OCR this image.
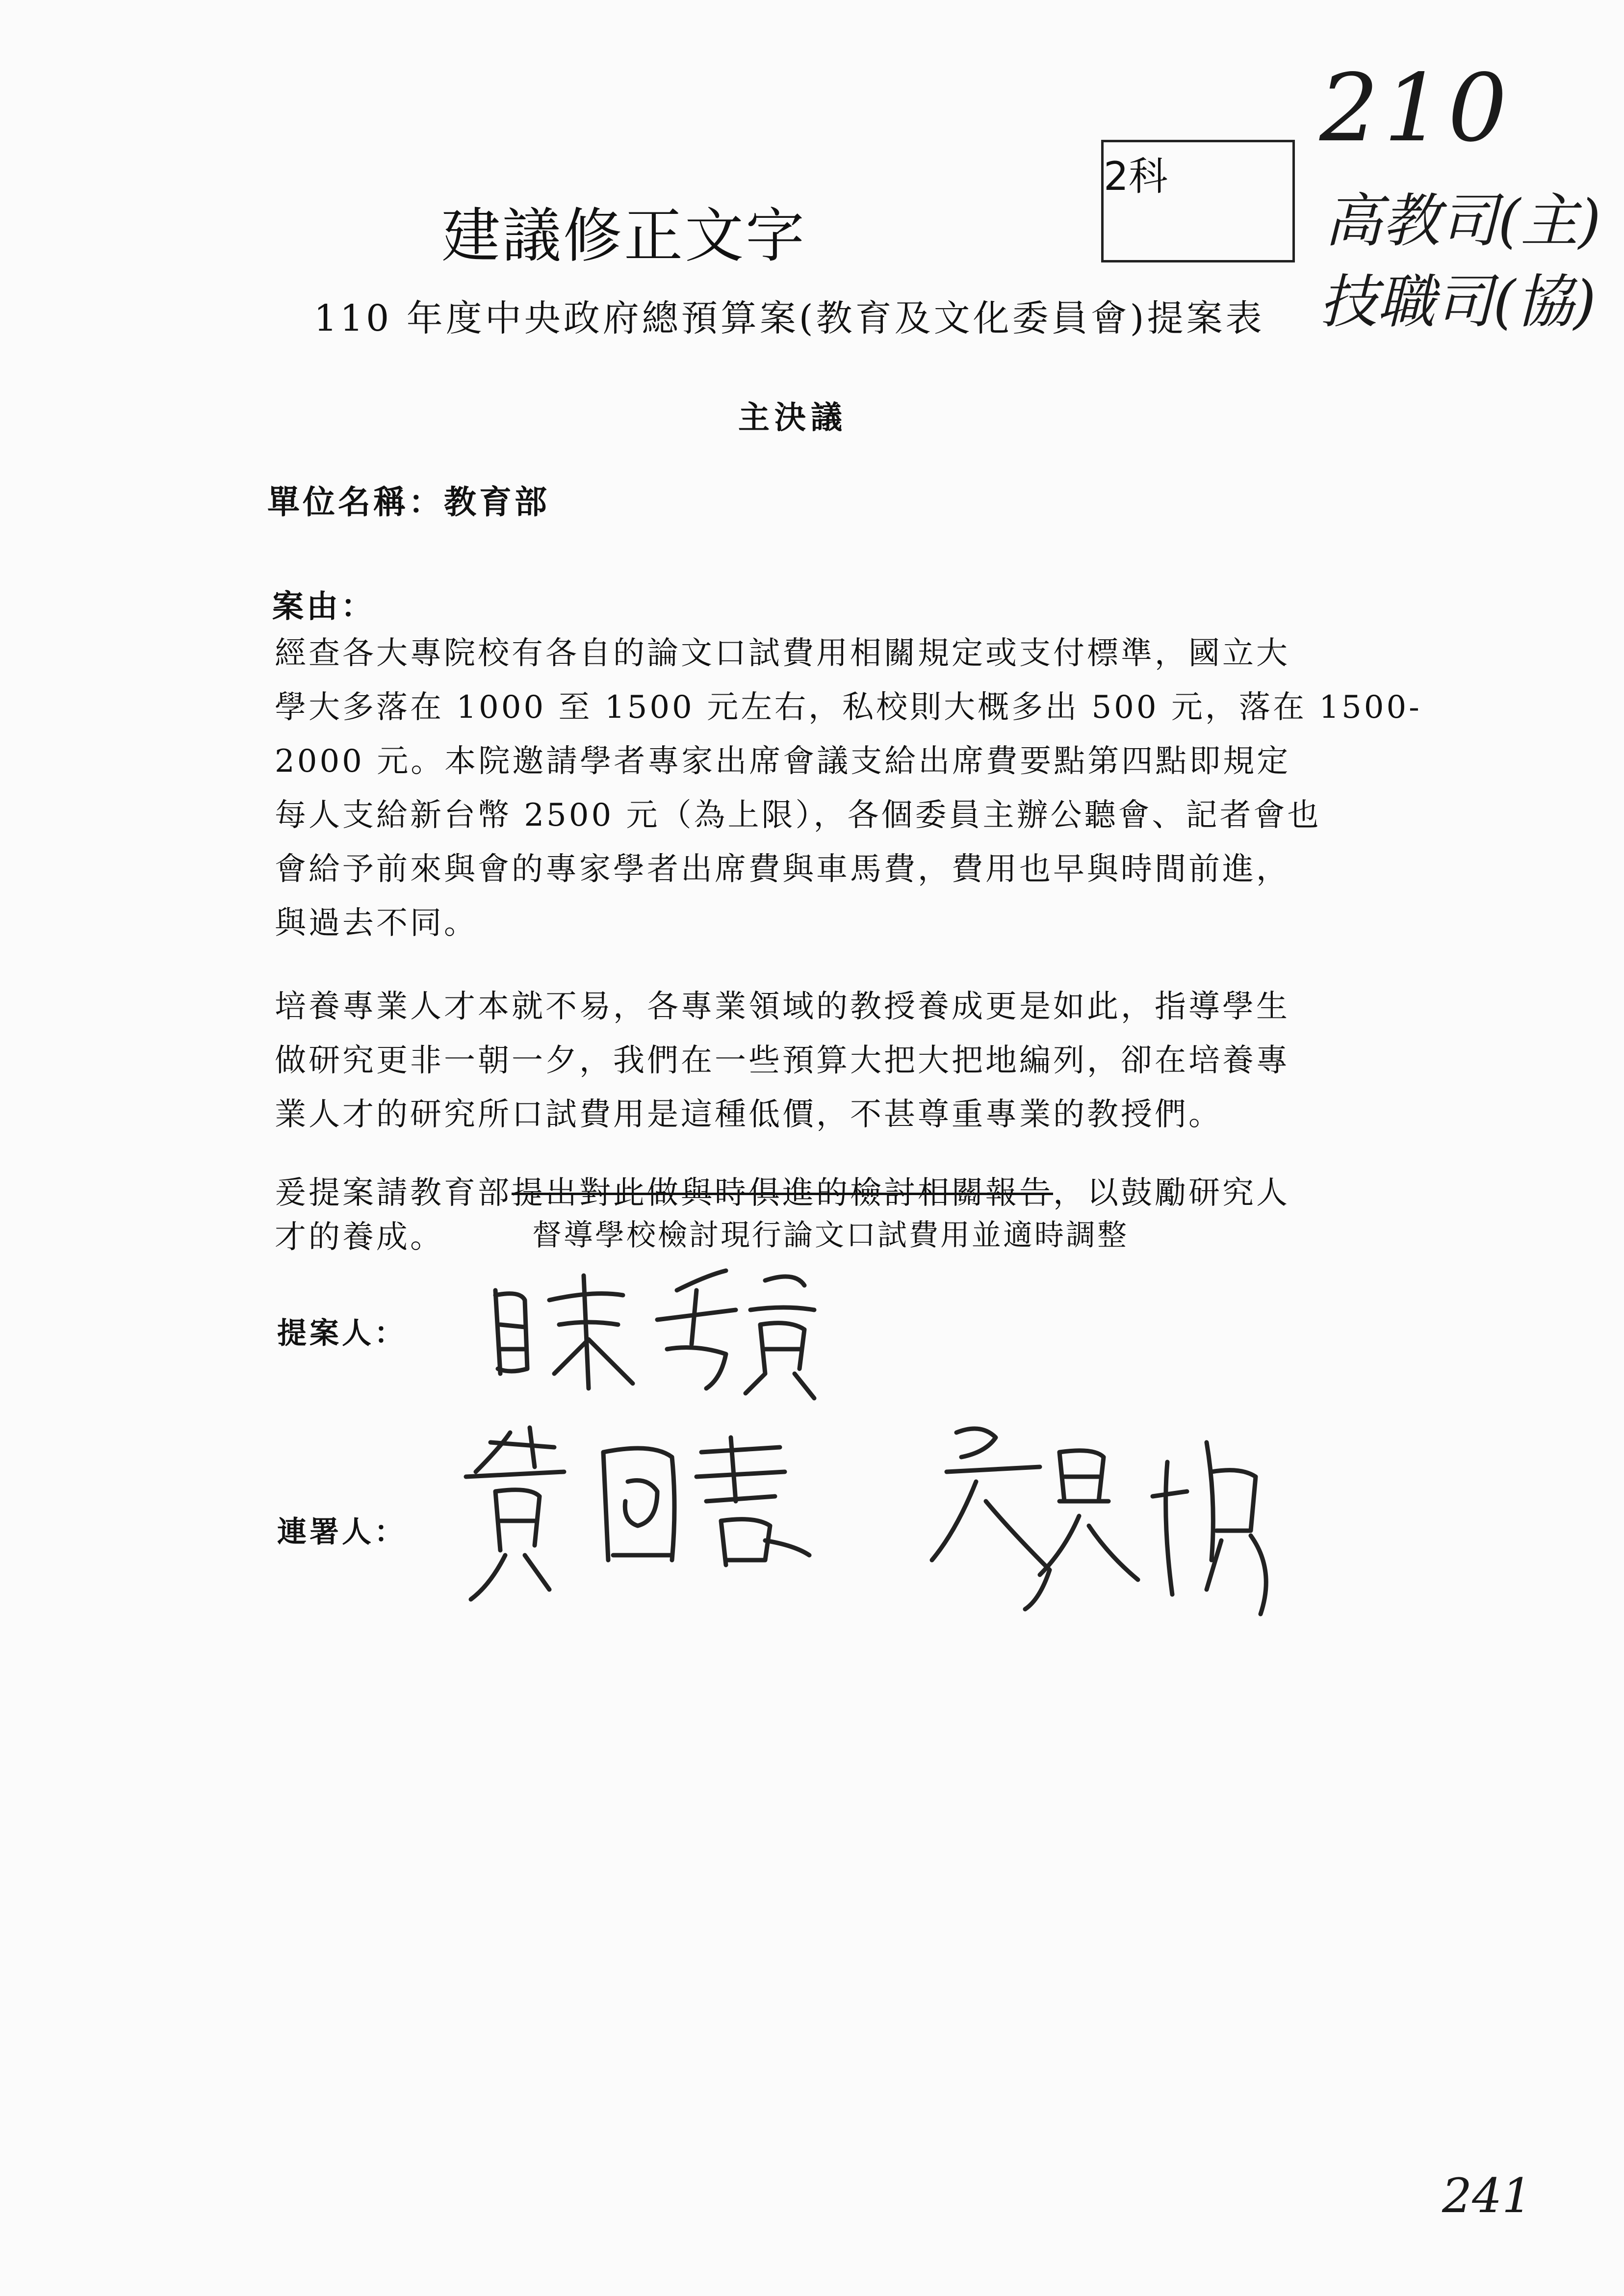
210
高教司(主)
技職司(協)
建議修正文字
2科
110 年度中央政府總預算案(教育及文化委員會)提案表
主決議
單位名稱：教育部
案由：
經查各大專院校有各自的論文口試費用相關規定或支付標準，國立大
學大多落在 1000 至 1500 元左右，私校則大概多出 500 元，落在 1500-
2000 元。本院邀請學者專家出席會議支給出席費要點第四點即規定
每人支給新台幣 2500 元（為上限），各個委員主辦公聽會、記者會也
會給予前來與會的專家學者出席費與車馬費，費用也早與時間前進，
與過去不同。
培養專業人才本就不易，各專業領域的教授養成更是如此，指導學生
做研究更非一朝一夕，我們在一些預算大把大把地編列，卻在培養專
業人才的研究所口試費用是這種低價，不甚尊重專業的教授們。
爰提案請教育部提出對此做與時俱進的檢討相關報告，以鼓勵研究人
才的養成。	督導學校檢討現行論文口試費用並適時調整
提案人：
連署人：
241
